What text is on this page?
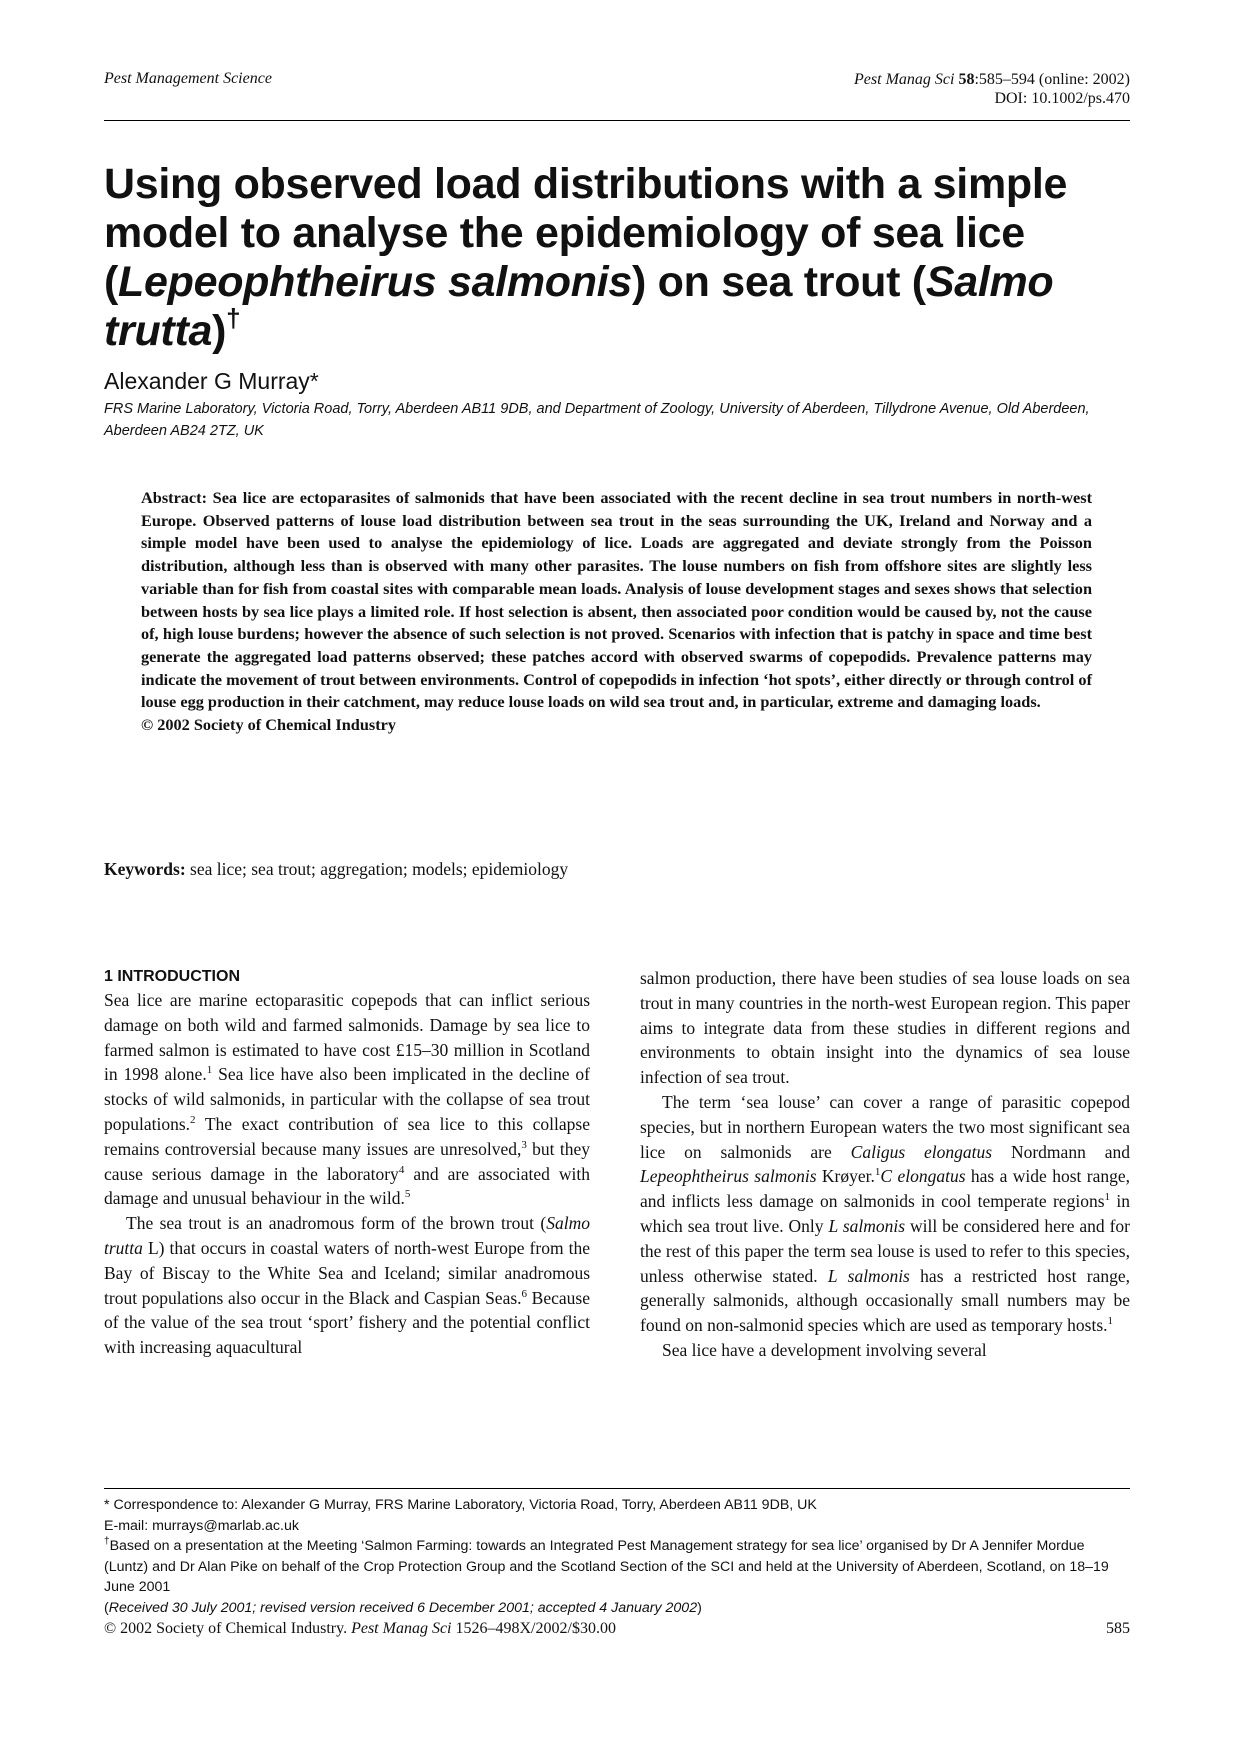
Pest Management Science	Pest Manag Sci 58:585–594 (online: 2002)
DOI: 10.1002/ps.470
Using observed load distributions with a simple model to analyse the epidemiology of sea lice (Lepeophtheirus salmonis) on sea trout (Salmo trutta)†
Alexander G Murray*
FRS Marine Laboratory, Victoria Road, Torry, Aberdeen AB11 9DB, and Department of Zoology, University of Aberdeen, Tillydrone Avenue, Old Aberdeen, Aberdeen AB24 2TZ, UK
Abstract: Sea lice are ectoparasites of salmonids that have been associated with the recent decline in sea trout numbers in north-west Europe. Observed patterns of louse load distribution between sea trout in the seas surrounding the UK, Ireland and Norway and a simple model have been used to analyse the epidemiology of lice. Loads are aggregated and deviate strongly from the Poisson distribution, although less than is observed with many other parasites. The louse numbers on fish from offshore sites are slightly less variable than for fish from coastal sites with comparable mean loads. Analysis of louse development stages and sexes shows that selection between hosts by sea lice plays a limited role. If host selection is absent, then associated poor condition would be caused by, not the cause of, high louse burdens; however the absence of such selection is not proved. Scenarios with infection that is patchy in space and time best generate the aggregated load patterns observed; these patches accord with observed swarms of copepodids. Prevalence patterns may indicate the movement of trout between environments. Control of copepodids in infection ‘hot spots’, either directly or through control of louse egg production in their catchment, may reduce louse loads on wild sea trout and, in particular, extreme and damaging loads.
© 2002 Society of Chemical Industry
Keywords: sea lice; sea trout; aggregation; models; epidemiology
1 INTRODUCTION

Sea lice are marine ectoparasitic copepods that can inflict serious damage on both wild and farmed salmonids. Damage by sea lice to farmed salmon is estimated to have cost £15–30 million in Scotland in 1998 alone.$^1$ Sea lice have also been implicated in the decline of stocks of wild salmonids, in particular with the collapse of sea trout populations.$^2$ The exact contribution of sea lice to this collapse remains controversial because many issues are unresolved,$^3$ but they cause serious damage in the laboratory$^4$ and are associated with damage and unusual behaviour in the wild.$^5$

The sea trout is an anadromous form of the brown trout (Salmo trutta L) that occurs in coastal waters of north-west Europe from the Bay of Biscay to the White Sea and Iceland; similar anadromous trout populations also occur in the Black and Caspian Seas.$^6$ Because of the value of the sea trout ‘sport’ fishery and the potential conflict with increasing aquacultural

salmon production, there have been studies of sea louse loads on sea trout in many countries in the north-west European region. This paper aims to integrate data from these studies in different regions and environments to obtain insight into the dynamics of sea louse infection of sea trout.

The term ‘sea louse’ can cover a range of parasitic copepod species, but in northern European waters the two most significant sea lice on salmonids are Caligus elongatus Nordmann and Lepeophtheirus salmonis Krøyer.$^1$C elongatus has a wide host range, and inflicts less damage on salmonids in cool temperate regions$^1$ in which sea trout live. Only L salmonis will be considered here and for the rest of this paper the term sea louse is used to refer to this species, unless otherwise stated. L salmonis has a restricted host range, generally salmonids, although occasionally small numbers may be found on non-salmonid species which are used as temporary hosts.$^1$

Sea lice have a development involving several

* Correspondence to: Alexander G Murray, FRS Marine Laboratory, Victoria Road, Torry, Aberdeen AB11 9DB, UK
E-mail: murrays@marlab.ac.uk
†Based on a presentation at the Meeting ‘Salmon Farming: towards an Integrated Pest Management strategy for sea lice’ organised by Dr A Jennifer Mordue (Luntz) and Dr Alan Pike on behalf of the Crop Protection Group and the Scotland Section of the SCI and held at the University of Aberdeen, Scotland, on 18–19 June 2001
(Received 30 July 2001; revised version received 6 December 2001; accepted 4 January 2002)
© 2002 Society of Chemical Industry. Pest Manag Sci 1526–498X/2002/$30.00	585
